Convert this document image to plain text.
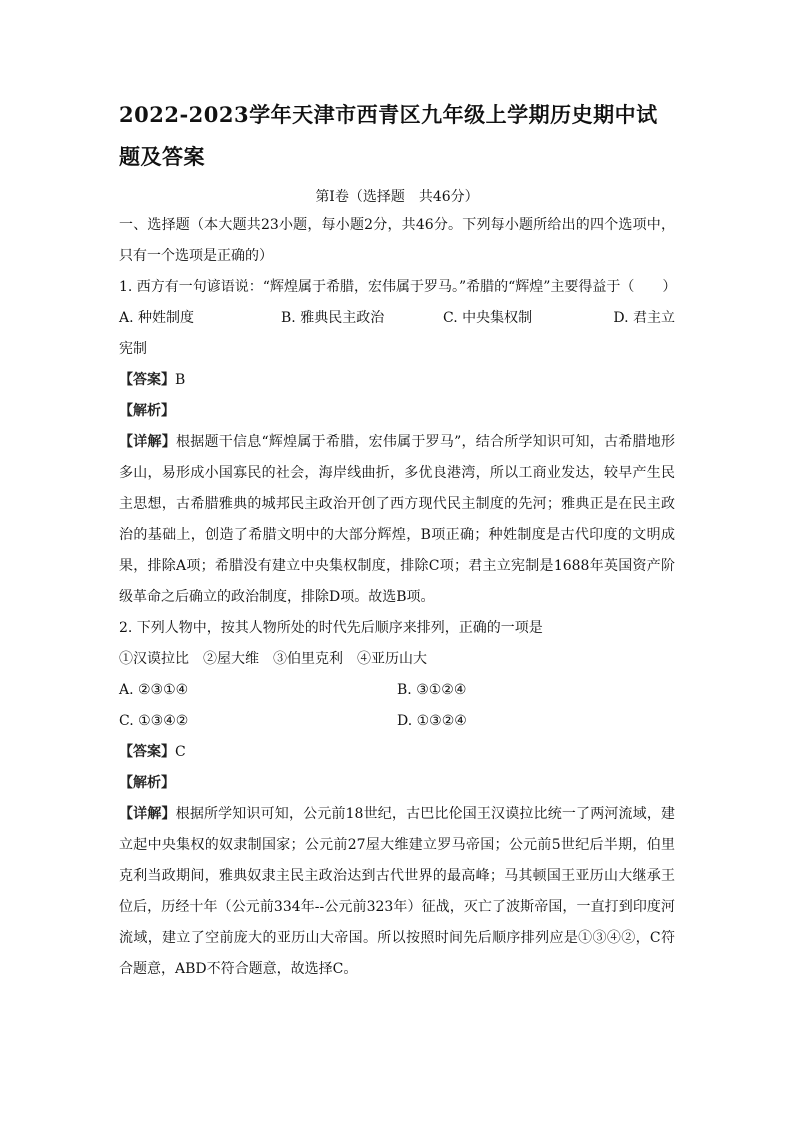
2022-2023学年天津市西青区九年级上学期历史期中试题及答案
第Ⅰ卷（选择题　共46分）

一、选择题（本大题共23小题，每小题2分，共46分。下列每小题所给出的四个选项中，只有一个选项是正确的）

1. 西方有一句谚语说：“辉煌属于希腊，宏伟属于罗马。”希腊的“辉煌”主要得益于（　　）

A. 种姓制度	B. 雅典民主政治	C. 中央集权制	D. 君主立

宪制

【答案】B

【解析】

【详解】根据题干信息“辉煌属于希腊，宏伟属于罗马”，结合所学知识可知，古希腊地形多山，易形成小国寡民的社会，海岸线曲折，多优良港湾，所以工商业发达，较早产生民主思想，古希腊雅典的城邦民主政治开创了西方现代民主制度的先河；雅典正是在民主政治的基础上，创造了希腊文明中的大部分辉煌，B项正确；种姓制度是古代印度的文明成果，排除A项；希腊没有建立中央集权制度，排除C项；君主立宪制是1688年英国资产阶级革命之后确立的政治制度，排除D项。故选B项。

2. 下列人物中，按其人物所处的时代先后顺序来排列，正确的一项是

①汉谟拉比　②屋大维　③伯里克利　④亚历山大

A. ②③①④	B. ③①②④
C. ①③④②	D. ①③②④

【答案】C

【解析】

【详解】根据所学知识可知，公元前18世纪，古巴比伦国王汉谟拉比统一了两河流域，建立起中央集权的奴隶制国家；公元前27屋大维建立罗马帝国；公元前5世纪后半期，伯里克利当政期间，雅典奴隶主民主政治达到古代世界的最高峰；马其顿国王亚历山大继承王位后，历经十年（公元前334年--公元前323年）征战，灭亡了波斯帝国，一直打到印度河流域，建立了空前庞大的亚历山大帝国。所以按照时间先后顺序排列应是①③④②，C符合题意，ABD不符合题意，故选择C。
